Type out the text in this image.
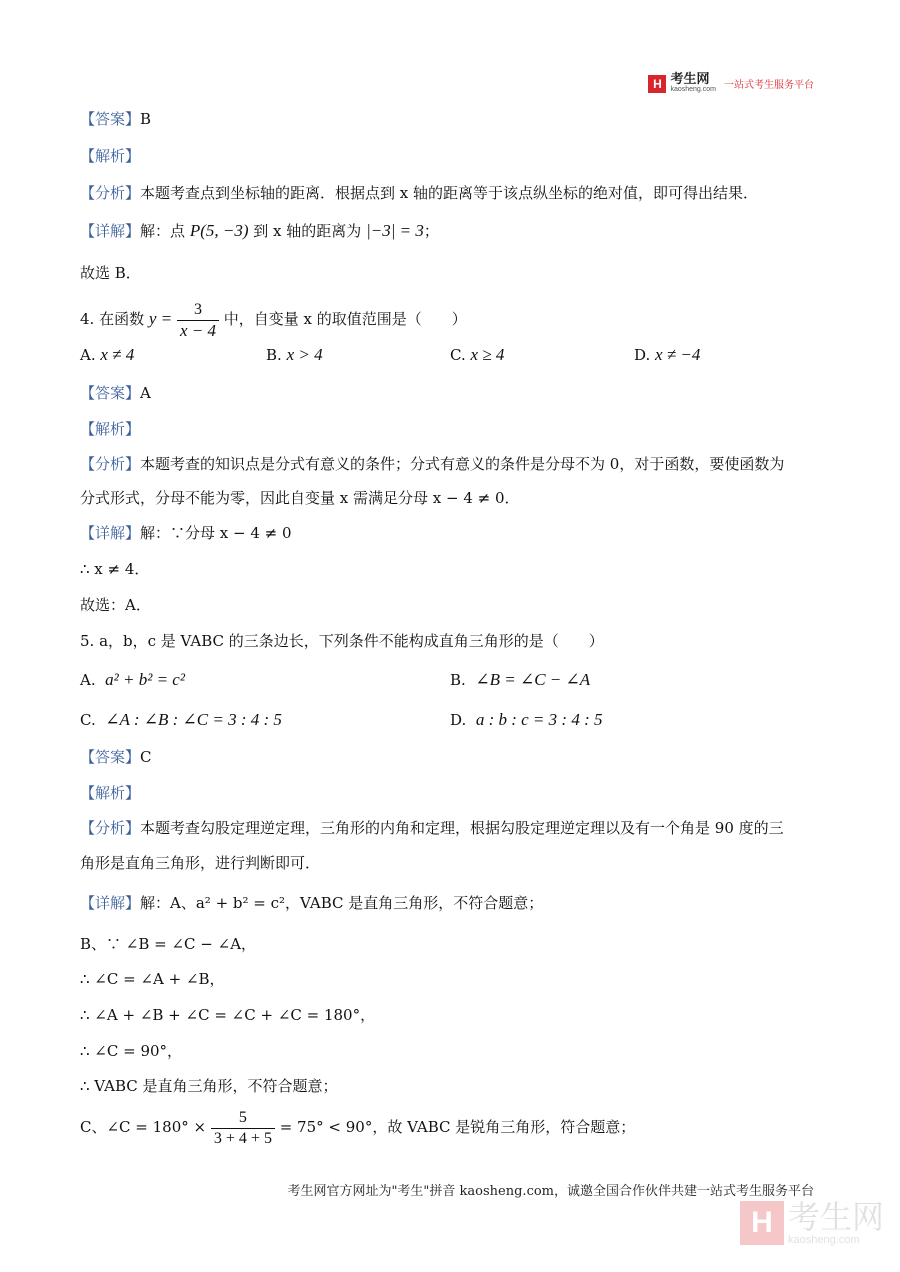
H 考生网
kaosheng.com 一站式考生服务平台
【答案】B
【解析】
【分析】本题考查点到坐标轴的距离．根据点到 x 轴的距离等于该点纵坐标的绝对值，即可得出结果．
【详解】解：点 P(5, −3) 到 x 轴的距离为 |−3| = 3；
故选 B．
4. 在函数 $y = \frac{3}{x - 4}$ 中，自变量 x 的取值范围是（　　）
A. x ≠ 4	B. x > 4	C. x ≥ 4	D. x ≠ −4
【答案】A
【解析】
【分析】本题考查的知识点是分式有意义的条件；分式有意义的条件是分母不为 0，对于函数，要使函数为
分式形式，分母不能为零，因此自变量 x 需满足分母 x − 4 ≠ 0．
【详解】解：∵分母 x − 4 ≠ 0
∴ x ≠ 4．
故选：A．
5. a，b，c 是 VABC 的三条边长，下列条件不能构成直角三角形的是（　　）
A. a² + b² = c²	B. ∠B = ∠C − ∠A
C. ∠A : ∠B : ∠C = 3 : 4 : 5	D. a : b : c = 3 : 4 : 5
【答案】C
【解析】
【分析】本题考查勾股定理逆定理，三角形的内角和定理，根据勾股定理逆定理以及有一个角是 90 度的三
角形是直角三角形，进行判断即可．
【详解】解：A、a² + b² = c²，VABC 是直角三角形，不符合题意；
B、∵ ∠B = ∠C − ∠A，
∴ ∠C = ∠A + ∠B，
∴ ∠A + ∠B + ∠C = ∠C + ∠C = 180°，
∴ ∠C = 90°，
∴ VABC 是直角三角形，不符合题意；
C、∠C = $180^\circ \times \frac{5}{3 + 4 + 5} = 75^\circ < 90^\circ$，故 VABC 是锐角三角形，符合题意；
考生网官方网址为"考生"拼音 kaosheng.com，诚邀全国合作伙伴共建一站式考生服务平台
H 考生网
kaosheng.com
